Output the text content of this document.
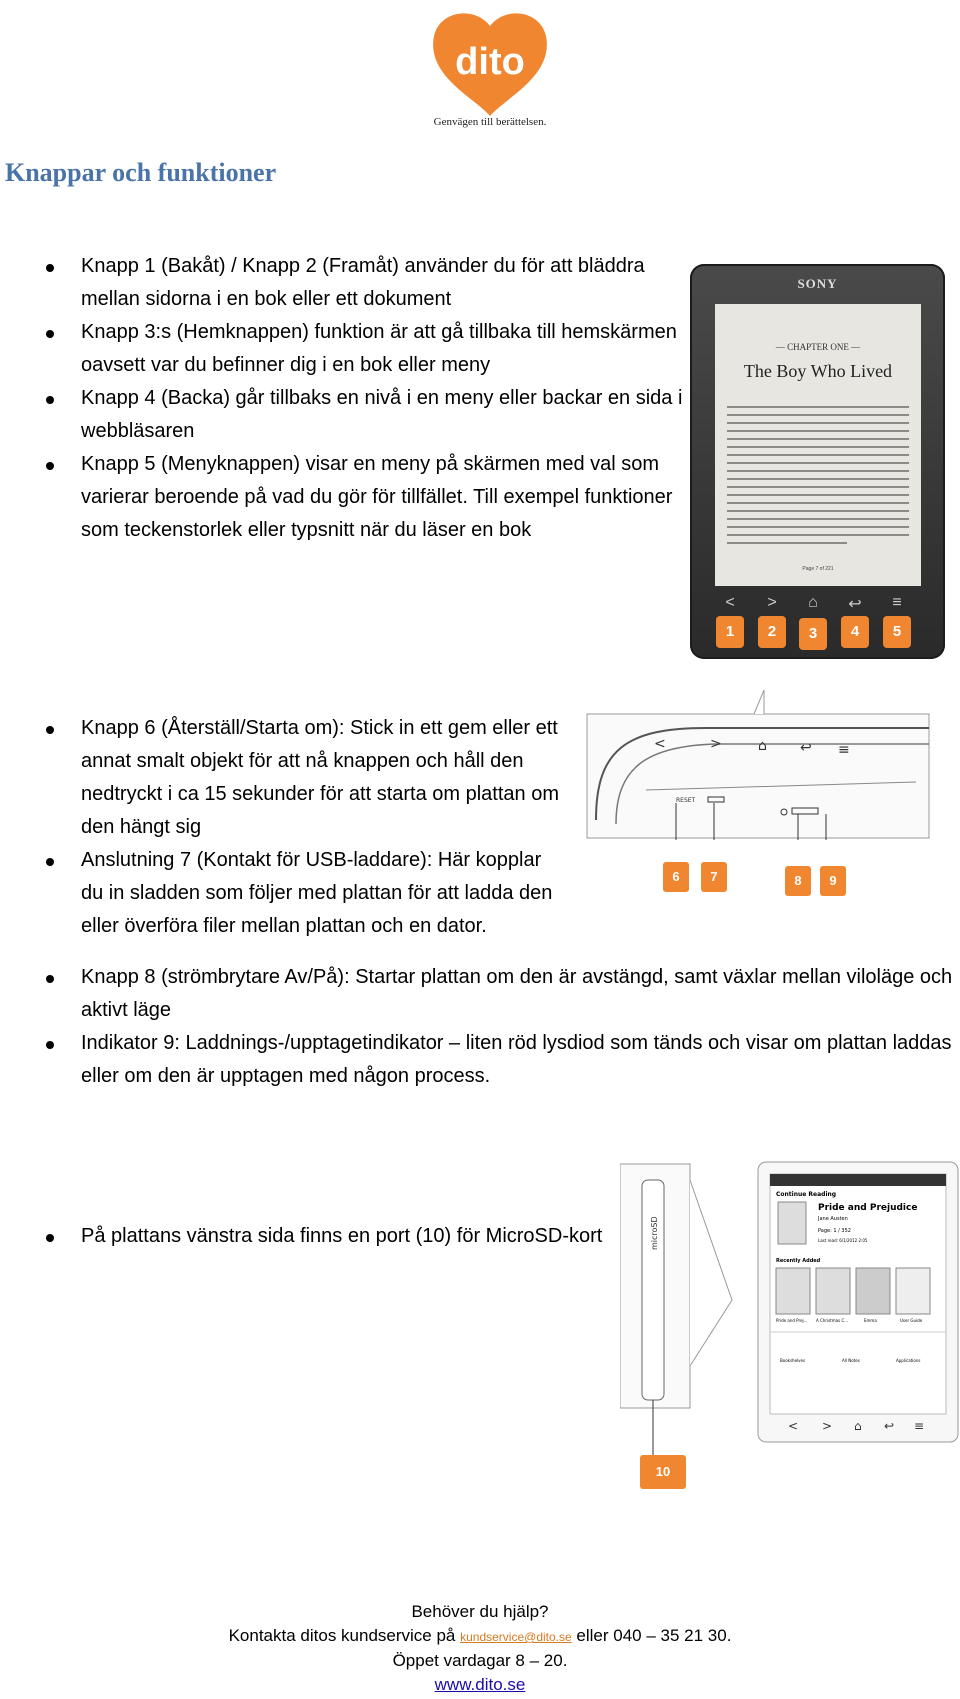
dito
Genvägen till berättelsen.
Knappar och funktioner
Knapp 1 (Bakåt) / Knapp 2 (Framåt) använder du för att bläddra mellan sidorna i en bok eller ett dokument
Knapp 3:s (Hemknappen) funktion är att gå tillbaka till hemskärmen oavsett var du befinner dig i en bok eller meny
Knapp 4 (Backa) går tillbaks en nivå i en meny eller backar en sida i webbläsaren
Knapp 5 (Menyknappen) visar en meny på skärmen med val som varierar beroende på vad du gör för tillfället. Till exempel funktioner som teckenstorlek eller typsnitt när du läser en bok
SONY
— CHAPTER ONE —
The Boy Who Lived
Page 7 of 221
<	>	⌂	↩	≡
1	2	3	4	5
Knapp 6 (Återställ/Starta om): Stick in ett gem eller ett annat smalt objekt för att nå knappen och håll den nedtryckt i ca 15 sekunder för att starta om plattan om den hängt sig
Anslutning 7 (Kontakt för USB-laddare): Här kopplar du in sladden som följer med plattan för att ladda den eller överföra filer mellan plattan och en dator.
<	>	⌂ ↩ ≡
RESET
6	7	8	9
Knapp 8 (strömbrytare Av/På): Startar plattan om den är avstängd, samt växlar mellan viloläge och aktivt läge
Indikator 9: Laddnings-/upptagetindikator – liten röd lysdiod som tänds och visar om plattan laddas eller om den är upptagen med någon process.
På plattans vänstra sida finns en port (10) för MicroSD-kort
Continue Reading
Pride and Prejudice
Jane Austen
Page: 1 / 352
Last read: 6/1/2012 2:05
Recently Added
Pride and Prej... A Christmas C...	Emma	User Guide
Bookshelves	All Notes	Applications
< > ⌂ ↩ ≡
microSD
10
Behöver du hjälp?
Kontakta ditos kundservice på kundservice@dito.se eller 040 – 35 21 30.
Öppet vardagar 8 – 20.
www.dito.se
